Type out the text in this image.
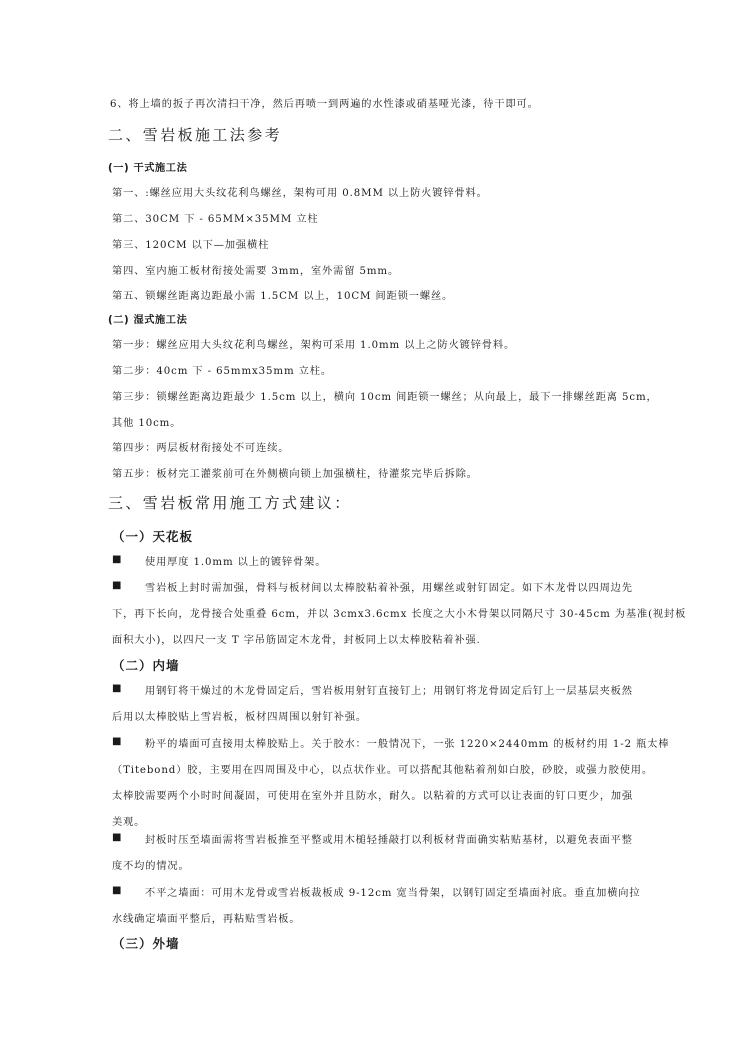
6、将上墙的扳子再次清扫干净，然后再喷一到两遍的水性漆或硝基哑光漆，待干即可。
二、雪岩板施工法参考
(一) 干式施工法
第一、:螺丝应用大头纹花利鸟螺丝，架构可用 0.8MM 以上防火镀锌骨料。
第二、30CM 下 - 65MM×35MM 立柱
第三、120CM 以下—加强横柱
第四、室内施工板材衔接处需要 3mm，室外需留 5mm。
第五、锁螺丝距离边距最小需 1.5CM 以上，10CM 间距锁一螺丝。
(二) 湿式施工法
第一步：螺丝应用大头纹花利鸟螺丝，架构可采用 1.0mm 以上之防火镀锌骨料。
第二步：40cm 下 - 65mmx35mm 立柱。
第三步：锁螺丝距离边距最少 1.5cm 以上，横向 10cm 间距锁一螺丝；从向最上，最下一排螺丝距离 5cm，
其他 10cm。
第四步：两层板材衔接处不可连续。
第五步：板材完工灌浆前可在外侧横向锁上加强横柱，待灌浆完毕后拆除。
三、雪岩板常用施工方式建议：
（一）天花板
■ 使用厚度 1.0mm 以上的镀锌骨架。
■ 雪岩板上封时需加强，骨料与板材间以太棒胶粘着补强，用螺丝或射钉固定。如下木龙骨以四周边先
下，再下长向，龙骨接合处重叠 6cm，并以 3cmx3.6cmx 长度之大小木骨架以同隔尺寸 30-45cm 为基准(视封板
面积大小)，以四尺一支 T 字吊筋固定木龙骨，封板同上以太棒胶粘着补强.
（二）内墙
■ 用钢钉将干燥过的木龙骨固定后，雪岩板用射钉直接钉上；用钢钉将龙骨固定后钉上一层基层夹板然
后用以太棒胶贴上雪岩板，板材四周围以射钉补强。
■ 粉平的墙面可直接用太棒胶贴上。关于胶水：一般情况下，一张 1220×2440mm 的板材约用 1-2 瓶太棒
（Titebond）胶，主要用在四周围及中心，以点状作业。可以搭配其他粘着剂如白胶，砂胶，或强力胶使用。
太棒胶需要两个小时时间凝固，可使用在室外并且防水，耐久。以粘着的方式可以让表面的钉口更少，加强
美观。
■ 封板时压至墙面需将雪岩板推至平整或用木槌轻捶敲打以利板材背面确实粘贴基材，以避免表面平整
度不均的情况。
■ 不平之墙面：可用木龙骨或雪岩板裁板成 9-12cm 宽当骨架，以钢钉固定至墙面衬底。垂直加横向拉
水线确定墙面平整后，再粘贴雪岩板。
（三）外墙
